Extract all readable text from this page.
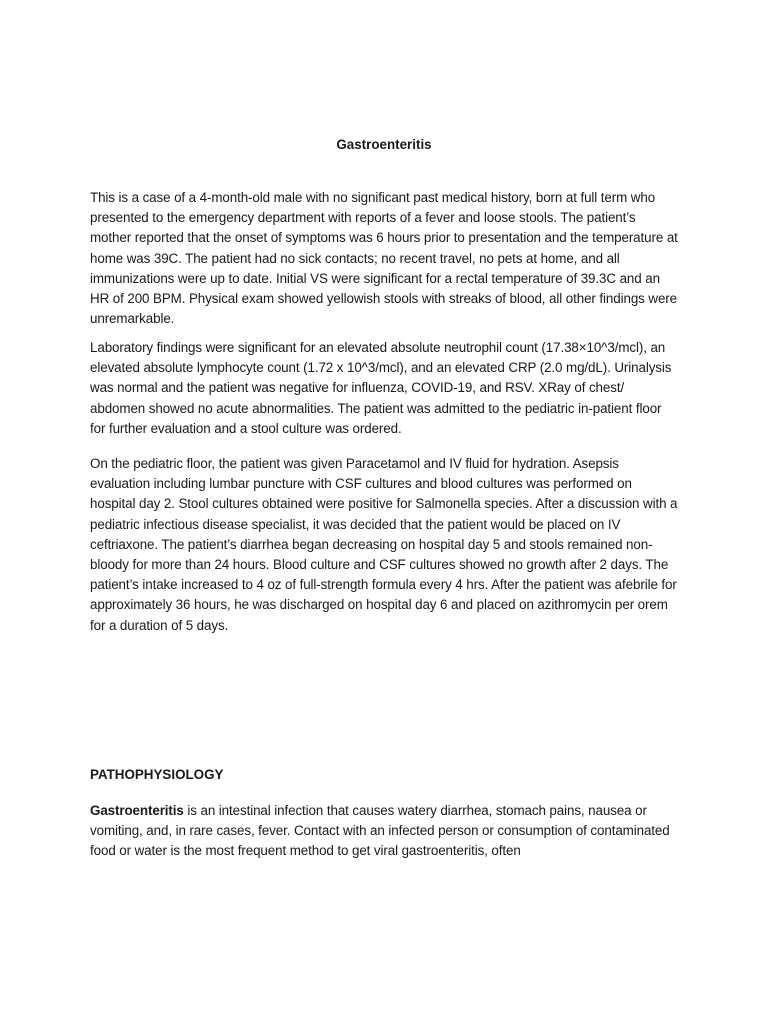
Gastroenteritis

This is a case of a 4-month-old male with no significant past medical history, born at full term who presented to the emergency department with reports of a fever and loose stools. The patient’s mother reported that the onset of symptoms was 6 hours prior to presentation and the temperature at home was 39C. The patient had no sick contacts; no recent travel, no pets at home, and all immunizations were up to date. Initial VS were significant for a rectal temperature of 39.3C and an HR of 200 BPM. Physical exam showed yellowish stools with streaks of blood, all other findings were unremarkable.

Laboratory findings were significant for an elevated absolute neutrophil count (17.38×10^3/mcl), an elevated absolute lymphocyte count (1.72 x 10^3/mcl), and an elevated CRP (2.0 mg/dL). Urinalysis was normal and the patient was negative for influenza, COVID-19, and RSV. XRay of chest/ abdomen showed no acute abnormalities. The patient was admitted to the pediatric in-patient floor for further evaluation and a stool culture was ordered.

On the pediatric floor, the patient was given Paracetamol and IV fluid for hydration. Asepsis evaluation including lumbar puncture with CSF cultures and blood cultures was performed on hospital day 2. Stool cultures obtained were positive for Salmonella species. After a discussion with a pediatric infectious disease specialist, it was decided that the patient would be placed on IV ceftriaxone. The patient’s diarrhea began decreasing on hospital day 5 and stools remained non-bloody for more than 24 hours. Blood culture and CSF cultures showed no growth after 2 days. The patient’s intake increased to 4 oz of full-strength formula every 4 hrs. After the patient was afebrile for approximately 36 hours, he was discharged on hospital day 6 and placed on azithromycin per orem for a duration of 5 days.

PATHOPHYSIOLOGY

Gastroenteritis is an intestinal infection that causes watery diarrhea, stomach pains, nausea or vomiting, and, in rare cases, fever. Contact with an infected person or consumption of contaminated food or water is the most frequent method to get viral gastroenteritis, often
